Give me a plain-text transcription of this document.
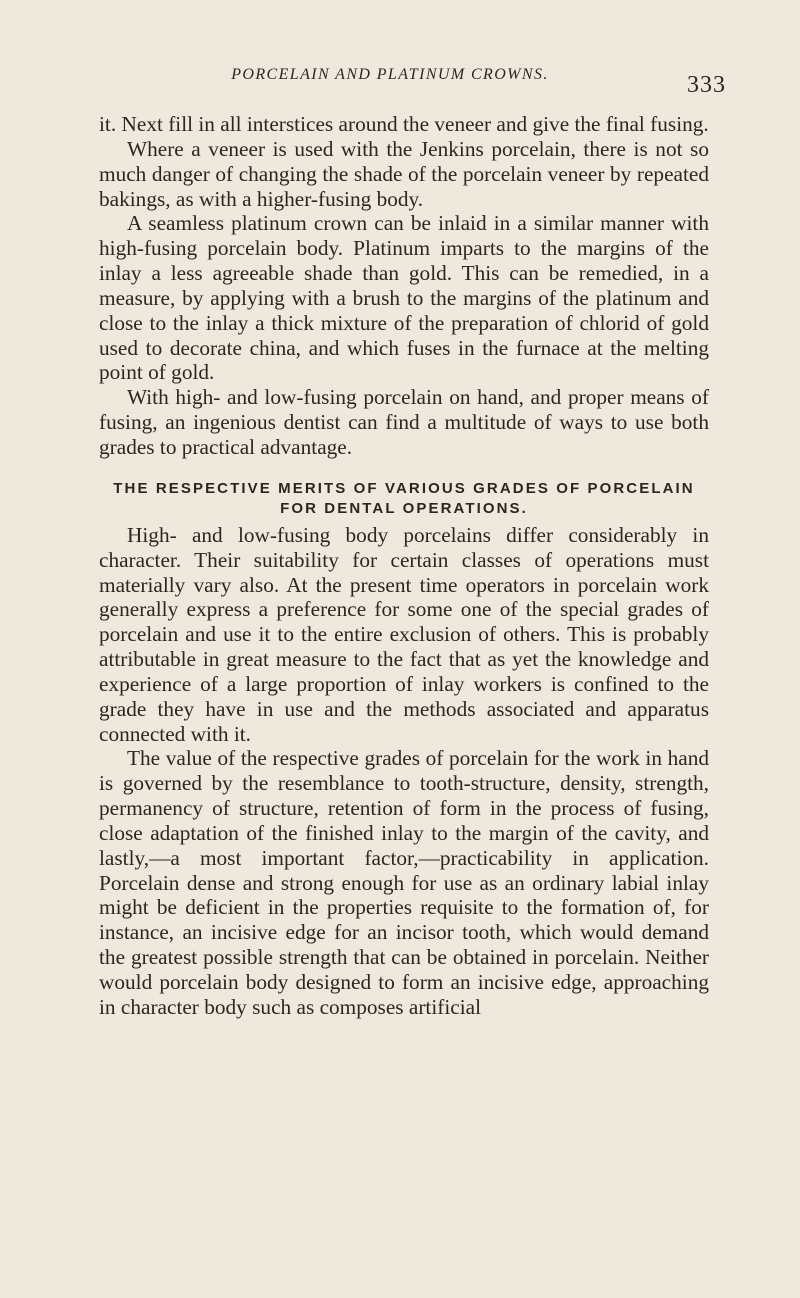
PORCELAIN AND PLATINUM CROWNS.	333

it. Next fill in all interstices around the veneer and give the final fusing.

Where a veneer is used with the Jenkins porcelain, there is not so much danger of changing the shade of the porcelain veneer by repeated bakings, as with a higher-fusing body.

A seamless platinum crown can be inlaid in a similar manner with high-fusing porcelain body. Platinum imparts to the margins of the inlay a less agreeable shade than gold. This can be remedied, in a measure, by applying with a brush to the margins of the platinum and close to the inlay a thick mixture of the preparation of chlorid of gold used to decorate china, and which fuses in the furnace at the melting point of gold.

With high- and low-fusing porcelain on hand, and proper means of fusing, an ingenious dentist can find a multitude of ways to use both grades to practical advantage.

THE RESPECTIVE MERITS OF VARIOUS GRADES OF PORCELAIN FOR DENTAL OPERATIONS.

High- and low-fusing body porcelains differ considerably in character. Their suitability for certain classes of operations must materially vary also. At the present time operators in porcelain work generally express a preference for some one of the special grades of porcelain and use it to the entire exclusion of others. This is probably attributable in great measure to the fact that as yet the knowledge and experience of a large proportion of inlay workers is confined to the grade they have in use and the methods associated and apparatus connected with it.

The value of the respective grades of porcelain for the work in hand is governed by the resemblance to tooth-structure, density, strength, permanency of structure, retention of form in the process of fusing, close adaptation of the finished inlay to the margin of the cavity, and lastly,—a most important factor,—practicability in application. Porcelain dense and strong enough for use as an ordinary labial inlay might be deficient in the properties requisite to the formation of, for instance, an incisive edge for an incisor tooth, which would demand the greatest possible strength that can be obtained in porcelain. Neither would porcelain body designed to form an incisive edge, approaching in character body such as composes artificial
